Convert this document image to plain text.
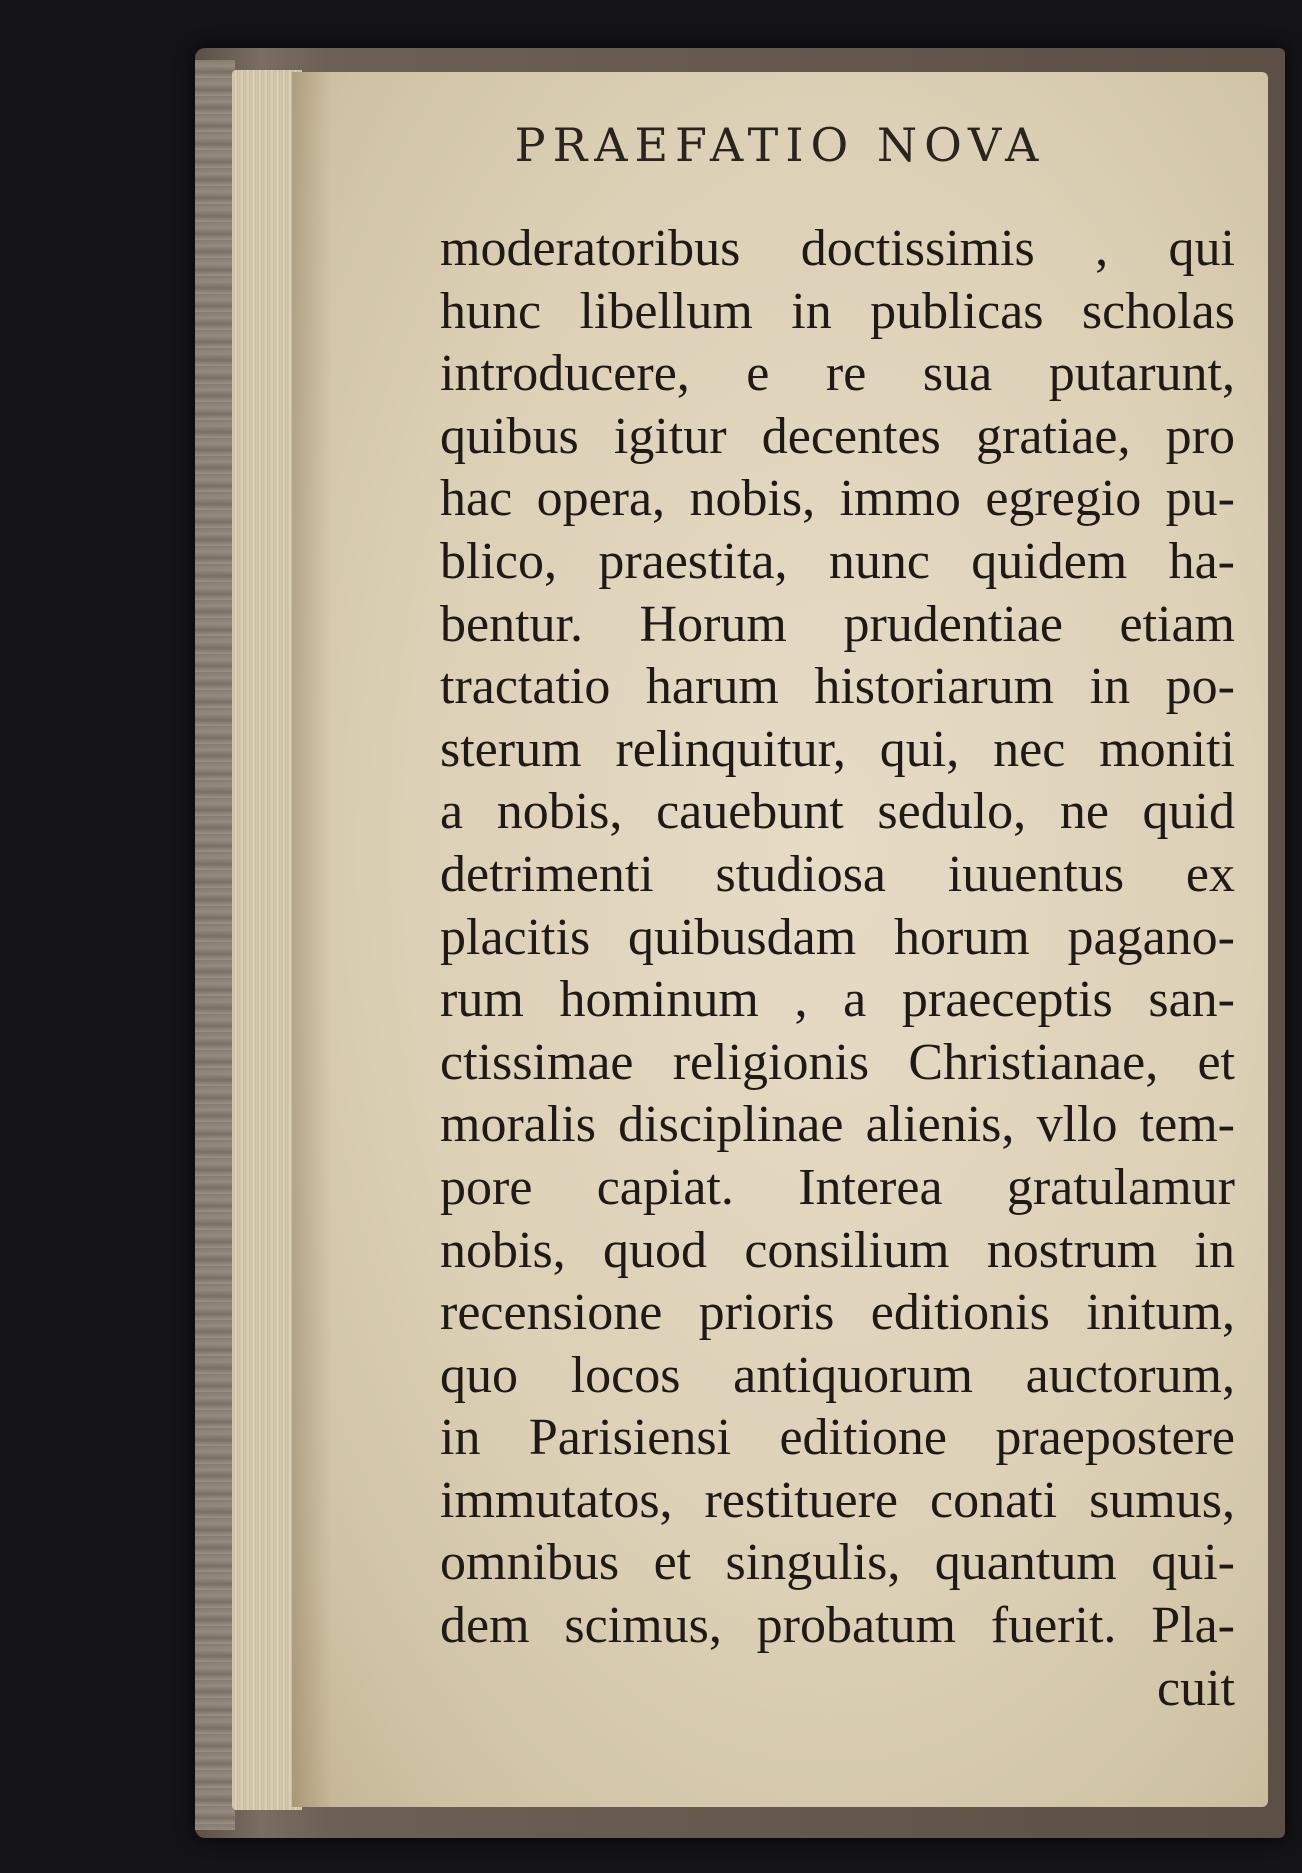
PRAEFATIO NOVA
moderatoribus doctissimis , qui
hunc libellum in publicas scholas
introducere, e re sua putarunt,
quibus igitur decentes gratiae, pro
hac opera, nobis, immo egregio pu-
blico, praestita, nunc quidem ha-
bentur. Horum prudentiae etiam
tractatio harum historiarum in po-
sterum relinquitur, qui, nec moniti
a nobis, cauebunt sedulo, ne quid
detrimenti studiosa iuuentus ex
placitis quibusdam horum pagano-
rum hominum , a praeceptis san-
ctissimae religionis Christianae, et
moralis disciplinae alienis, vllo tem-
pore capiat. Interea gratulamur
nobis, quod consilium nostrum in
recensione prioris editionis initum,
quo locos antiquorum auctorum,
in Parisiensi editione praepostere
immutatos, restituere conati sumus,
omnibus et singulis, quantum qui-
dem scimus, probatum fuerit. Pla-
cuit
